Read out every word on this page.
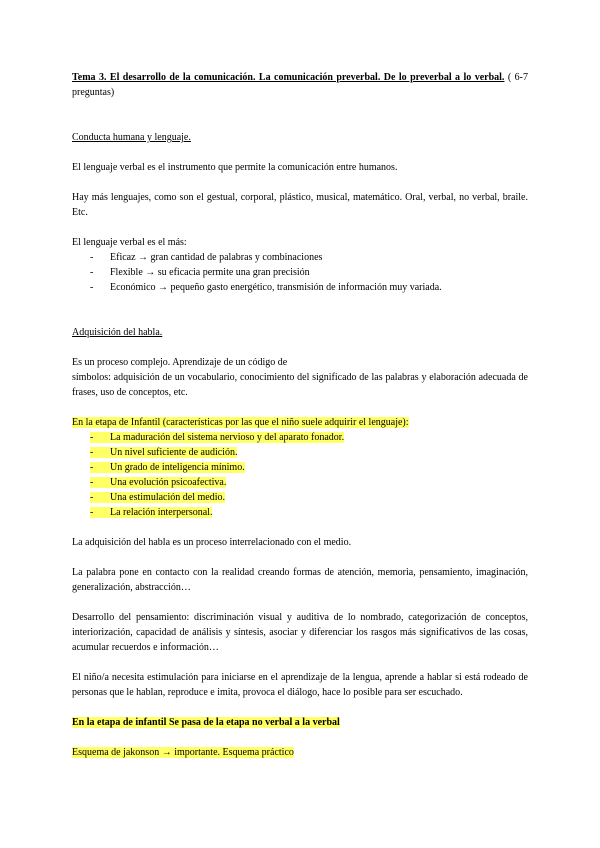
Tema 3. El desarrollo de la comunicación. La comunicación preverbal. De lo preverbal a lo verbal. ( 6-7 preguntas)

Conducta humana y lenguaje.

El lenguaje verbal es el instrumento que permite la comunicación entre humanos.

Hay más lenguajes, como son el gestual, corporal, plástico, musical, matemático. Oral, verbal, no verbal, braile. Etc.

El lenguaje verbal es el más:

- Eficaz → gran cantidad de palabras y combinaciones
- Flexible → su eficacia permite una gran precisión
- Económico → pequeño gasto energético, transmisión de información muy variada.

Adquisición del habla.

Es un proceso complejo. Aprendizaje de un código de

símbolos: adquisición de un vocabulario, conocimiento del significado de las palabras y elaboración adecuada de frases, uso de conceptos, etc.

En la etapa de Infantil (características por las que el niño suele adquirir el lenguaje):

- La maduración del sistema nervioso y del aparato fonador.
- Un nivel suficiente de audición.
- Un grado de inteligencia mínimo.
- Una evolución psicoafectiva.
- Una estimulación del medio.
- La relación interpersonal.

La adquisición del habla es un proceso interrelacionado con el medio.

La palabra pone en contacto con la realidad creando formas de atención, memoria, pensamiento, imaginación, generalización, abstracción…

Desarrollo del pensamiento: discriminación visual y auditiva de lo nombrado, categorización de conceptos, interiorización, capacidad de análisis y síntesis, asociar y diferenciar los rasgos más significativos de las cosas, acumular recuerdos e información…

El niño/a necesita estimulación para iniciarse en el aprendizaje de la lengua, aprende a hablar si está rodeado de personas que le hablan, reproduce e imita, provoca el diálogo, hace lo posible para ser escuchado.

En la etapa de infantil Se pasa de la etapa no verbal a la verbal

Esquema de jakonson → importante. Esquema práctico
